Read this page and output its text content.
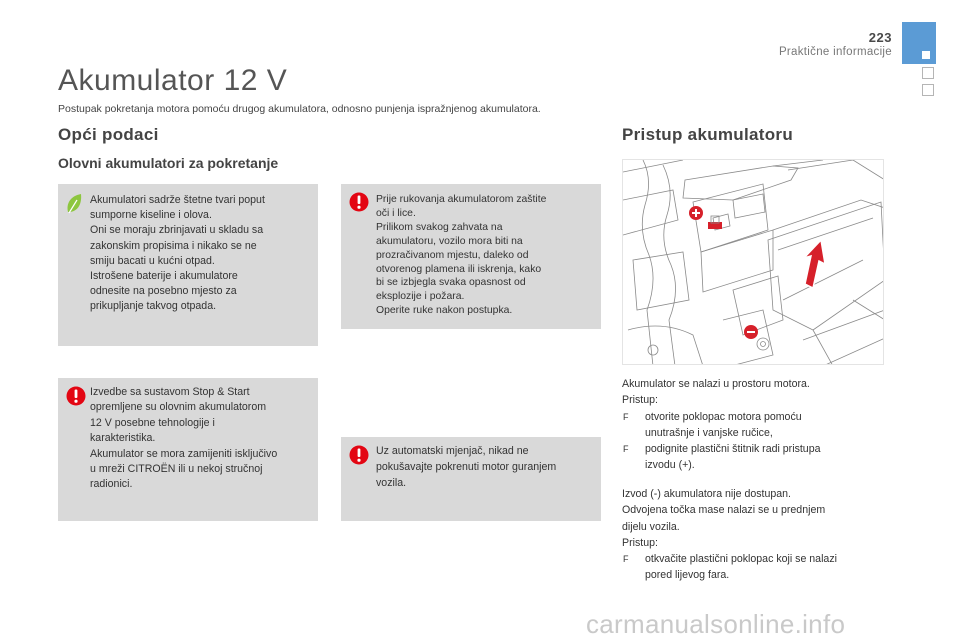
223
Praktične informacije
Akumulator 12 V

Postupak pokretanja motora pomoću drugog akumulatora, odnosno punjenja ispražnjenog akumulatora.

Opći podaci
Olovni akumulatori za pokretanje
Akumulatori sadrže štetne tvari poput
sumporne kiseline i olova.
Oni se moraju zbrinjavati u skladu sa
zakonskim propisima i nikako se ne
smiju bacati u kućni otpad.
Istrošene baterije i akumulatore
odnesite na posebno mjesto za
prikupljanje takvog otpada.
Prije rukovanja akumulatorom zaštite
oči i lice.
Prilikom svakog zahvata na
akumulatoru, vozilo mora biti na
prozračivanom mjestu, daleko od
otvorenog plamena ili iskrenja, kako
bi se izbjegla svaka opasnost od
eksplozije i požara.
Operite ruke nakon postupka.
Izvedbe sa sustavom Stop & Start
opremljene su olovnim akumulatorom
12 V posebne tehnologije i
karakteristika.
Akumulator se mora zamijeniti isključivo
u mreži CITROËN ili u nekoj stručnoj
radionici.
Uz automatski mjenjač, nikad ne
pokušavajte pokrenuti motor guranjem
vozila.
Pristup akumulatoru
Akumulator se nalazi u prostoru motora.
Pristup:
F otvorite poklopac motora pomoću
unutrašnje i vanjske ručice,
F podignite plastični štitnik radi pristupa
izvodu (+).
Izvod (-) akumulatora nije dostupan.
Odvojena točka mase nalazi se u prednjem
dijelu vozila.
Pristup:
F otkvačite plastični poklopac koji se nalazi
pored lijevog fara.
carmanualsonline.info
